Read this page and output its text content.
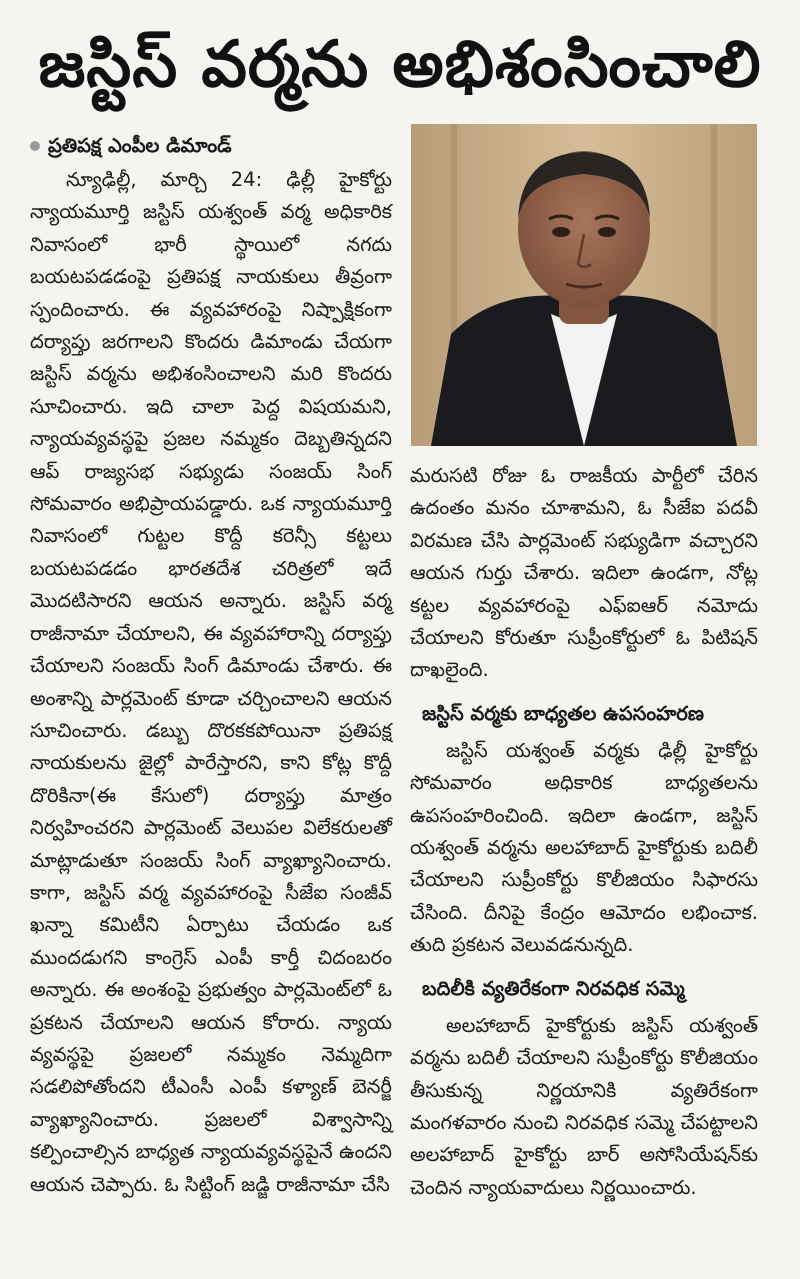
జస్టిస్ వర్మను అభిశంసించాలి
ప్రతిపక్ష ఎంపీల డిమాండ్

న్యూఢిల్లీ, మార్చి 24: ఢిల్లీ హైకోర్టు న్యాయమూర్తి జస్టిస్ యశ్వంత్ వర్మ అధికారిక నివాసంలో భారీ స్థాయిలో నగదు బయటపడడంపై ప్రతిపక్ష నాయకులు తీవ్రంగా స్పందించారు. ఈ వ్యవహారంపై నిష్పాక్షికంగా దర్యాప్తు జరగాలని కొందరు డిమాండు చేయగా జస్టిస్ వర్మను అభిశంసించాలని మరి కొందరు సూచించారు. ఇది చాలా పెద్ద విషయమని, న్యాయవ్యవస్థపై ప్రజల నమ్మకం దెబ్బతిన్నదని ఆప్ రాజ్యసభ సభ్యుడు సంజయ్ సింగ్ సోమవారం అభిప్రాయపడ్డారు. ఒక న్యాయమూర్తి నివాసంలో గుట్టల కొద్దీ కరెన్సీ కట్టలు బయటపడడం భారతదేశ చరిత్రలో ఇదే మొదటిసారని ఆయన అన్నారు. జస్టిస్ వర్మ రాజీనామా చేయాలని, ఈ వ్యవహారాన్ని దర్యాప్తు చేయాలని సంజయ్ సింగ్ డిమాండు చేశారు. ఈ అంశాన్ని పార్లమెంట్ కూడా చర్చించాలని ఆయన సూచించారు. డబ్బు దొరకకపోయినా ప్రతిపక్ష నాయకులను జైల్లో పారేస్తారని, కాని కోట్ల కొద్దీ దొరికినా(ఈ కేసులో) దర్యాప్తు మాత్రం నిర్వహించరని పార్లమెంట్ వెలుపల విలేకరులతో మాట్లాడుతూ సంజయ్ సింగ్ వ్యాఖ్యానించారు. కాగా, జస్టిస్ వర్మ వ్యవహారంపై సీజేఐ సంజీవ్ ఖన్నా కమిటీని ఏర్పాటు చేయడం ఒక ముందడుగని కాంగ్రెస్ ఎంపీ కార్తీ చిదంబరం అన్నారు. ఈ అంశంపై ప్రభుత్వం పార్లమెంట్‌లో ఓ ప్రకటన చేయాలని ఆయన కోరారు. న్యాయ వ్యవస్థపై ప్రజలలో నమ్మకం నెమ్మదిగా సడలిపోతోందని టీఎంసీ ఎంపీ కళ్యాణ్ బెనర్జీ వ్యాఖ్యానించారు. ప్రజలలో విశ్వాసాన్ని కల్పించాల్సిన బాధ్యత న్యాయవ్యవస్థపైనే ఉందని ఆయన చెప్పారు. ఓ సిట్టింగ్ జడ్జి రాజీనామా చేసి

మరుసటి రోజు ఓ రాజకీయ పార్టీలో చేరిన ఉదంతం మనం చూశామని, ఓ సీజేఐ పదవీ విరమణ చేసి పార్లమెంట్ సభ్యుడిగా వచ్చారని ఆయన గుర్తు చేశారు. ఇదిలా ఉండగా, నోట్ల కట్టల వ్యవహారంపై ఎఫ్ఐఆర్ నమోదు చేయాలని కోరుతూ సుప్రీంకోర్టులో ఓ పిటిషన్ దాఖలైంది.

జస్టిస్ వర్మకు బాధ్యతల ఉపసంహరణ

జస్టిస్ యశ్వంత్ వర్మకు ఢిల్లీ హైకోర్టు సోమవారం అధికారిక బాధ్యతలను ఉపసంహరించింది. ఇదిలా ఉండగా, జస్టిస్ యశ్వంత్ వర్మను అలహాబాద్ హైకోర్టుకు బదిలీ చేయాలని సుప్రీంకోర్టు కొలీజియం సిఫారసు చేసింది. దీనిపై కేంద్రం ఆమోదం లభించాక. తుది ప్రకటన వెలువడనున్నది.

బదిలీకి వ్యతిరేకంగా నిరవధిక సమ్మె

అలహాబాద్ హైకోర్టుకు జస్టిస్ యశ్వంత్ వర్మను బదిలీ చేయాలని సుప్రీంకోర్టు కొలీజియం తీసుకున్న నిర్ణయానికి వ్యతిరేకంగా మంగళవారం నుంచి నిరవధిక సమ్మె చేపట్టాలని అలహాబాద్ హైకోర్టు బార్ అసోసియేషన్‌కు చెందిన న్యాయవాదులు నిర్ణయించారు.
